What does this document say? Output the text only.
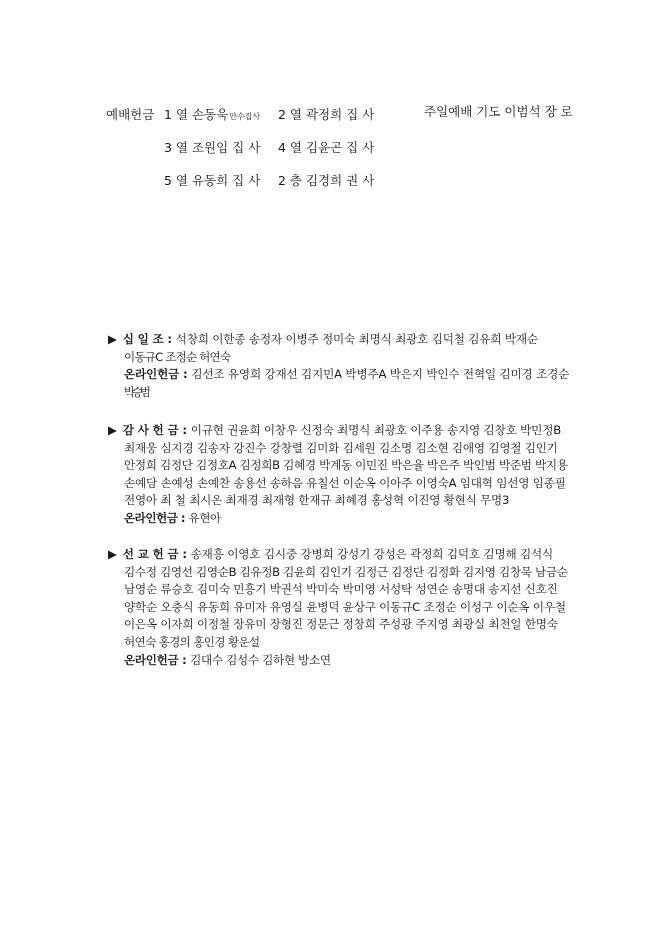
예배헌금 1 열 손동욱안수집사 2 열 곽정희 집 사	주일예배 기도 이범석 장 로
3 열 조원임 집 사 4 열 김윤곤 집 사
5 열 유동희 집 사 2 층 김경희 권 사
▶ 십 일 조 : 석창희 이한종 송정자 이병주 정미숙 최명식 최광호 김덕철 김유희 박재순
이동규C 조정순 허연숙
온라인헌금 : 김선조 유영희 강재선 김지민A 박병주A 박은지 박인수 전혁일 김미경 조경순
박승범
▶ 감 사 헌 금 : 이규현 권윤희 이창우 신정숙 최명식 최광호 이주용 송지영 김창호 박민정B
최재웅 심지경 김송자 강진수 강창렬 김미화 김세원 김소명 김소현 김애영 김영철 김인기
안정희 김정단 김정호A 김정희B 김혜경 박계동 이민진 박은율 박은주 박인범 박준범 박지용
손예담 손예성 손예찬 송용선 송하음 유칠선 이순옥 이아주 이영숙A 임대혁 임선영 임종필
전영아 최 철 최시온 최재경 최재형 한재규 최혜경 홍성혁 이진영 황현식 무명3
온라인헌금 : 유현아
▶ 선 교 헌 금 : 송재흥 이영호 김시중 강병희 강성기 강성은 곽정희 김덕호 김명해 김석식
김수정 김영선 김영순B 김유정B 김윤희 김인기 김정근 김정단 김정화 김지영 김창묵 남금순
남영순 류승호 김미숙 민흥기 박권석 박미숙 박미영 서성탁 성연순 송명대 송지선 신호진
양학순 오충식 유동희 유미자 유영실 윤병덕 윤상구 이동규C 조정순 이성구 이순옥 이우철
이은옥 이자희 이정철 장유미 장형진 정문근 정창희 주성광 주지영 최광실 최천일 한명숙
허연숙 홍경의 홍인경 황운설
온라인헌금 : 김대수 김성수 김하현 방소연
